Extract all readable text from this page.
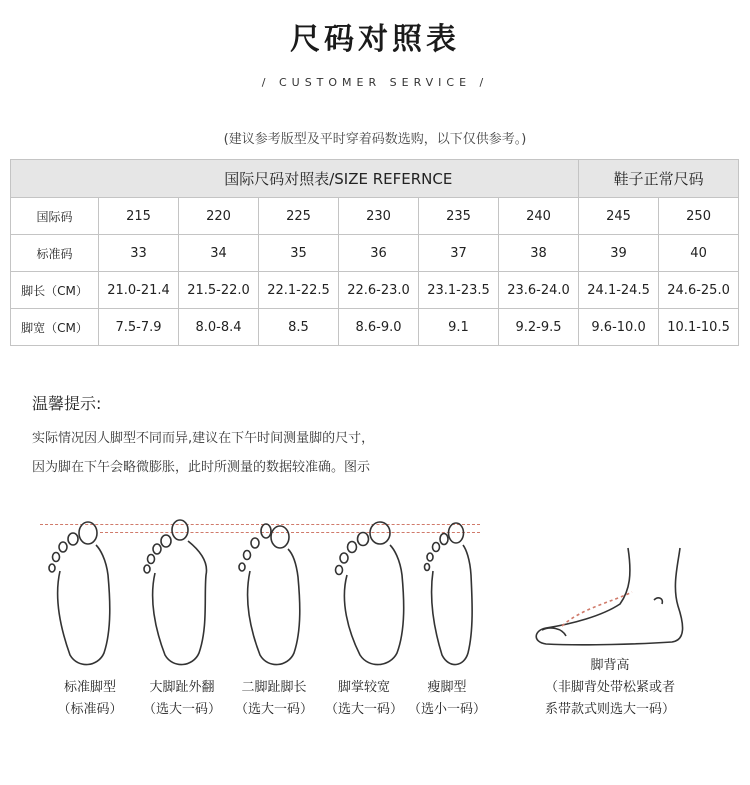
尺码对照表
/ CUSTOMER SERVICE /
(建议参考版型及平时穿着码数选购，以下仅供参考。)
	国际尺码对照表/SIZE REFERNCE						鞋子正常尺码	
国际码	215	220	225	230	235	240	245	250
标准码	33	34	35	36	37	38	39	40
脚长（CM）	21.0-21.4	21.5-22.0	22.1-22.5	22.6-23.0	23.1-23.5	23.6-24.0	24.1-24.5	24.6-25.0
脚宽（CM）	7.5-7.9	8.0-8.4	8.5	8.6-9.0	9.1	9.2-9.5	9.6-10.0	10.1-10.5
温馨提示:
实际情况因人脚型不同而异,建议在下午时间测量脚的尺寸，
因为脚在下午会略微膨胀，此时所测量的数据较准确。图示
标准脚型
（标准码）
大脚趾外翻
（选大一码）
二脚趾脚长
（选大一码）
脚掌较宽
（选大一码）
瘦脚型
（选小一码）
脚背高
（非脚背处带松紧或者
系带款式则选大一码）
